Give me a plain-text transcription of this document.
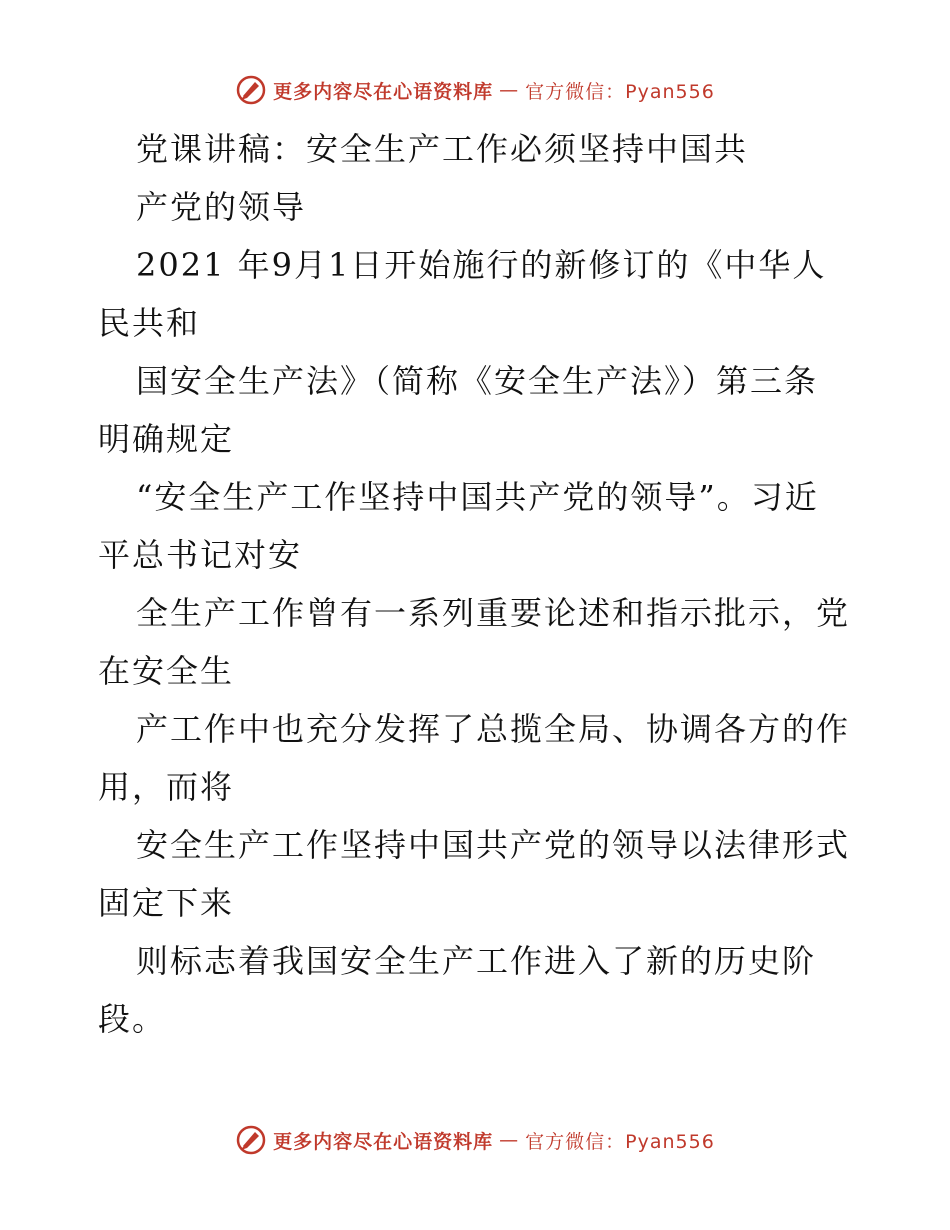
更多内容尽在心语资料库 — 官方微信：Pyan556
党课讲稿：安全生产工作必须坚持中国共
产党的领导
2021 年9月1日开始施行的新修订的《中华人
民共和
国安全生产法》（简称《安全生产法》）第三条
明确规定
“安全生产工作坚持中国共产党的领导”。习近
平总书记对安
全生产工作曾有一系列重要论述和指示批示，党
在安全生
产工作中也充分发挥了总揽全局、协调各方的作
用，而将
安全生产工作坚持中国共产党的领导以法律形式
固定下来
则标志着我国安全生产工作进入了新的历史阶
段。
更多内容尽在心语资料库 — 官方微信：Pyan556
